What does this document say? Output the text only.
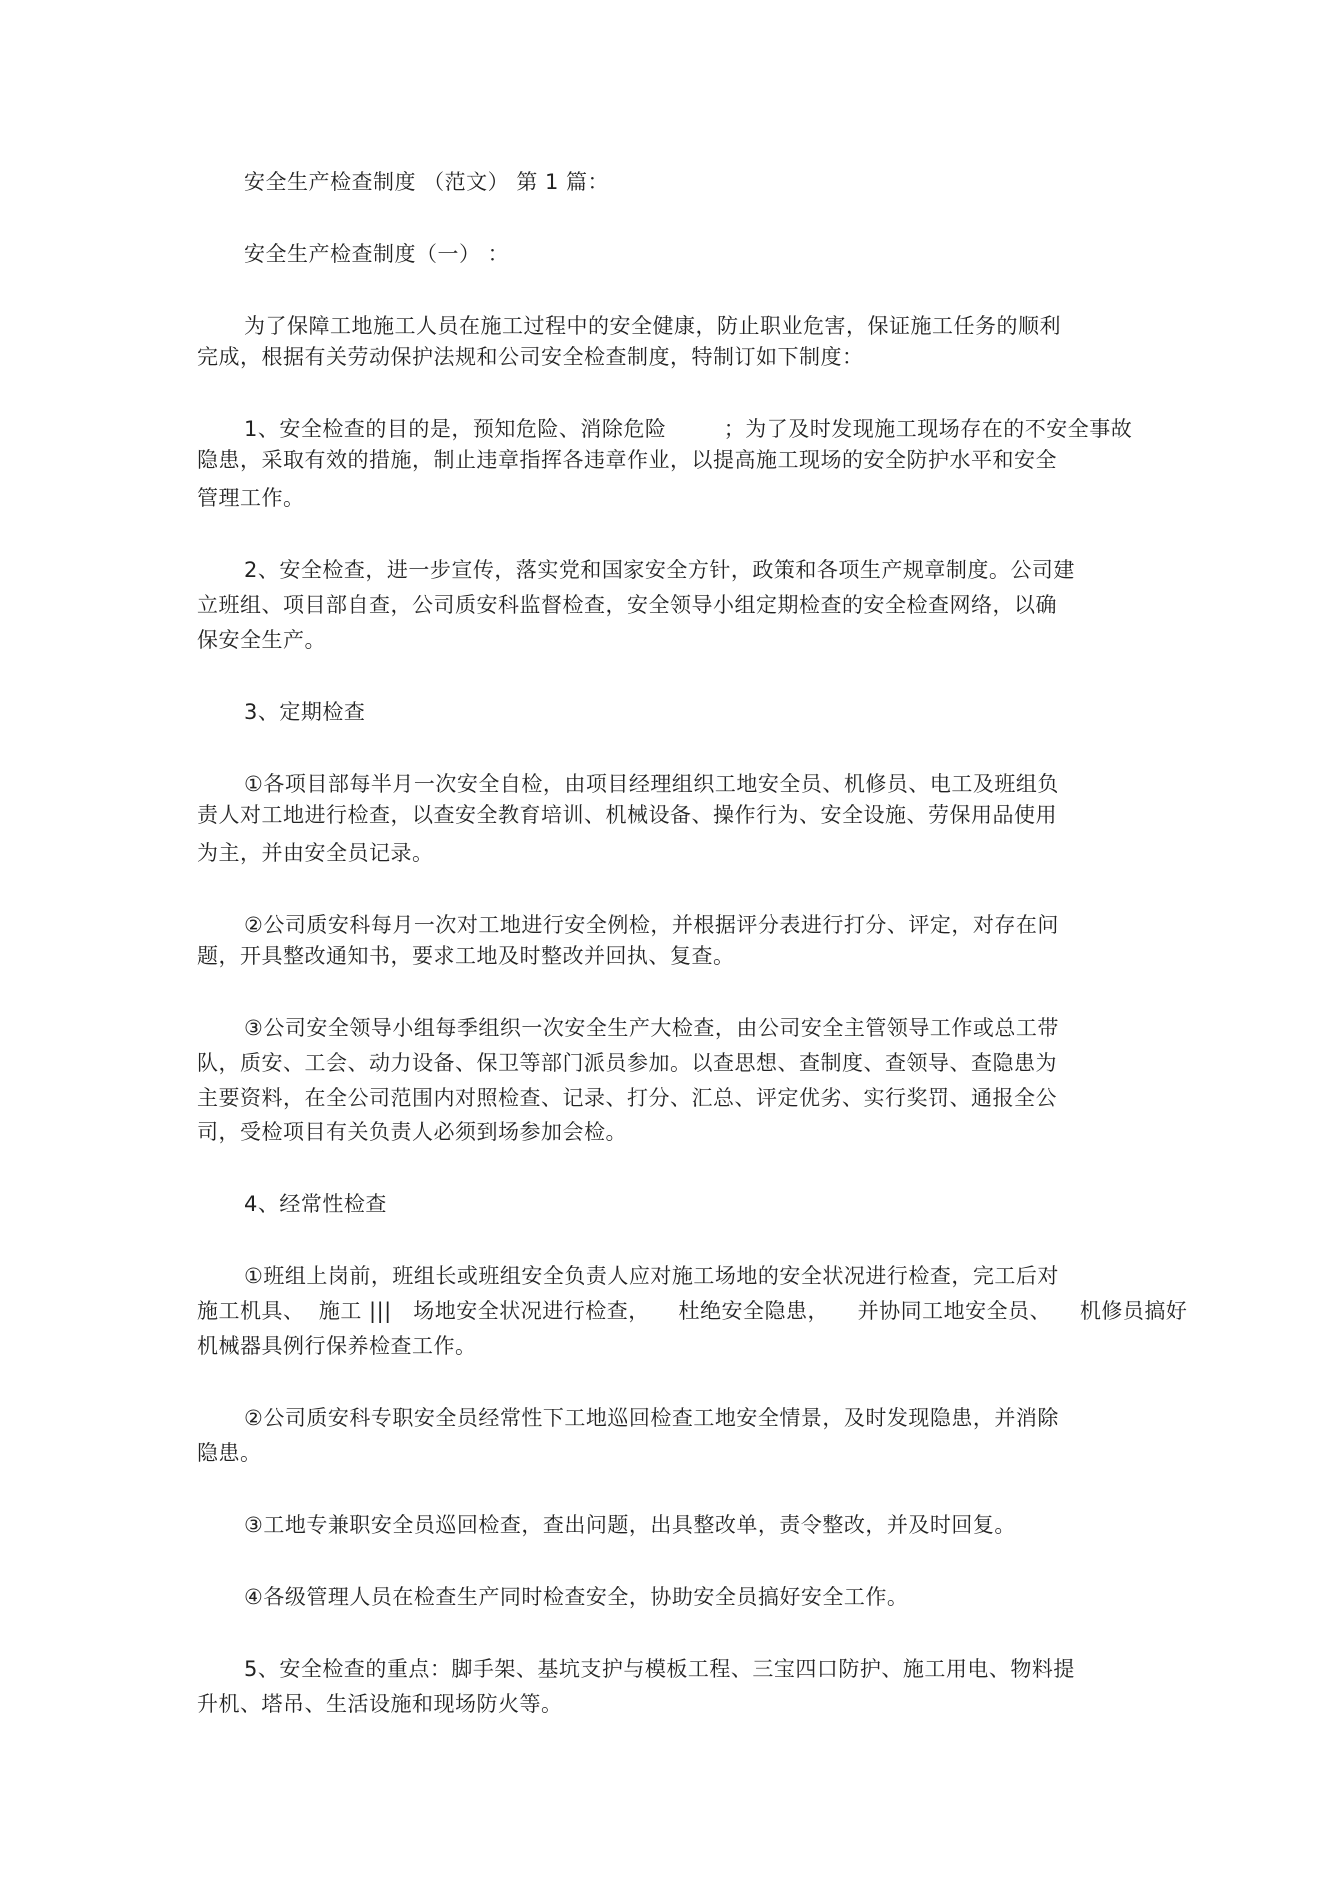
安全生产检查制度 （范文） 第 1 篇：
安全生产检查制度（一） ：
为了保障工地施工人员在施工过程中的安全健康，防止职业危害，保证施工任务的顺利
完成，根据有关劳动保护法规和公司安全检查制度，特制订如下制度：
1、安全检查的目的是，预知危险、消除危险        ；为了及时发现施工现场存在的不安全事故
隐患，采取有效的措施，制止违章指挥各违章作业，以提高施工现场的安全防护水平和安全
管理工作。
2、安全检查，进一步宣传，落实党和国家安全方针，政策和各项生产规章制度。公司建
立班组、项目部自查，公司质安科监督检查，安全领导小组定期检查的安全检查网络，以确
保安全生产。
3、定期检查
①各项目部每半月一次安全自检，由项目经理组织工地安全员、机修员、电工及班组负
责人对工地进行检查，以查安全教育培训、机械设备、操作行为、安全设施、劳保用品使用
为主，并由安全员记录。
②公司质安科每月一次对工地进行安全例检，并根据评分表进行打分、评定，对存在问
题，开具整改通知书，要求工地及时整改并回执、复查。
③公司安全领导小组每季组织一次安全生产大检查，由公司安全主管领导工作或总工带
队，质安、工会、动力设备、保卫等部门派员参加。以查思想、查制度、查领导、查隐患为
主要资料，在全公司范围内对照检查、记录、打分、汇总、评定优劣、实行奖罚、通报全公
司，受检项目有关负责人必须到场参加会检。
4、经常性检查
①班组上岗前，班组长或班组安全负责人应对施工场地的安全状况进行检查，完工后对
施工机具、  施工 |||   场地安全状况进行检查，    杜绝安全隐患，    并协同工地安全员、    机修员搞好
机械器具例行保养检查工作。
②公司质安科专职安全员经常性下工地巡回检查工地安全情景，及时发现隐患，并消除
隐患。
③工地专兼职安全员巡回检查，查出问题，出具整改单，责令整改，并及时回复。
④各级管理人员在检查生产同时检查安全，协助安全员搞好安全工作。
5、安全检查的重点：脚手架、基坑支护与模板工程、三宝四口防护、施工用电、物料提
升机、塔吊、生活设施和现场防火等。
